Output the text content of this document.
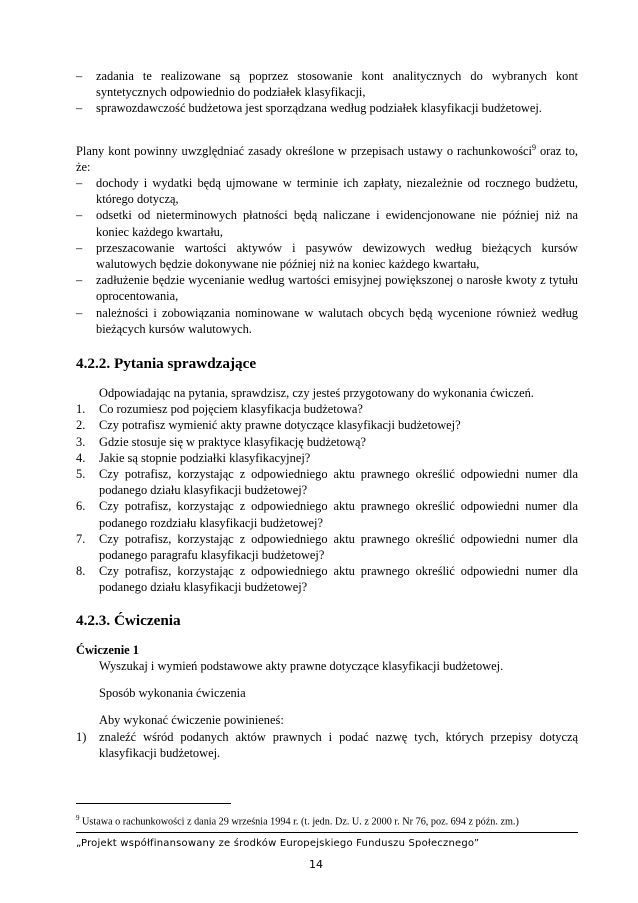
– zadania te realizowane są poprzez stosowanie kont analitycznych do wybranych kont syntetycznych odpowiednio do podziałek klasyfikacji,
– sprawozdawczość budżetowa jest sporządzana według podziałek klasyfikacji budżetowej.
Plany kont powinny uwzględniać zasady określone w przepisach ustawy o rachunkowości$^9$ oraz to, że:
– dochody i wydatki będą ujmowane w terminie ich zapłaty, niezależnie od rocznego budżetu, którego dotyczą,
– odsetki od nieterminowych płatności będą naliczane i ewidencjonowane nie później niż na koniec każdego kwartału,
– przeszacowanie wartości aktywów i pasywów dewizowych według bieżących kursów walutowych będzie dokonywane nie później niż na koniec każdego kwartału,
– zadłużenie będzie wycenianie według wartości emisyjnej powiększonej o narosłe kwoty z tytułu oprocentowania,
– należności i zobowiązania nominowane w walutach obcych będą wycenione również według bieżących kursów walutowych.
4.2.2. Pytania sprawdzające
Odpowiadając na pytania, sprawdzisz, czy jesteś przygotowany do wykonania ćwiczeń.
1. Co rozumiesz pod pojęciem klasyfikacja budżetowa?
2. Czy potrafisz wymienić akty prawne dotyczące klasyfikacji budżetowej?
3. Gdzie stosuje się w praktyce klasyfikację budżetową?
4. Jakie są stopnie podziałki klasyfikacyjnej?
5. Czy potrafisz, korzystając z odpowiedniego aktu prawnego określić odpowiedni numer dla podanego działu klasyfikacji budżetowej?
6. Czy potrafisz, korzystając z odpowiedniego aktu prawnego określić odpowiedni numer dla podanego rozdziału klasyfikacji budżetowej?
7. Czy potrafisz, korzystając z odpowiedniego aktu prawnego określić odpowiedni numer dla podanego paragrafu klasyfikacji budżetowej?
8. Czy potrafisz, korzystając z odpowiedniego aktu prawnego określić odpowiedni numer dla podanego działu klasyfikacji budżetowej?
4.2.3. Ćwiczenia
Ćwiczenie 1
Wyszukaj i wymień podstawowe akty prawne dotyczące klasyfikacji budżetowej.
Sposób wykonania ćwiczenia
Aby wykonać ćwiczenie powinieneś:
1) znaleźć wśród podanych aktów prawnych i podać nazwę tych, których przepisy dotyczą klasyfikacji budżetowej.
$^9$ Ustawa o rachunkowości z dania 29 września 1994 r. (t. jedn. Dz. U. z 2000 r. Nr 76, poz. 694 z późn. zm.)
„Projekt współfinansowany ze środków Europejskiego Funduszu Społecznego”
14
